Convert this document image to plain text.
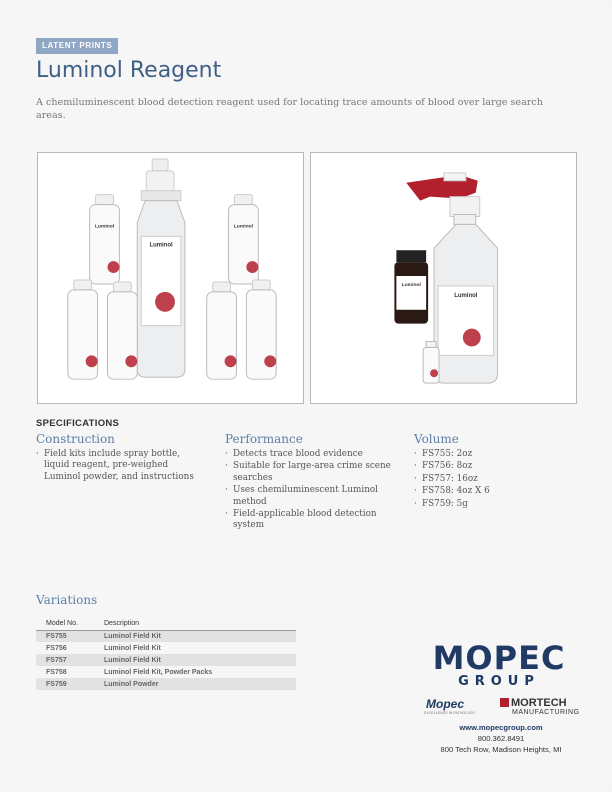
LATENT PRINTS
Luminol Reagent

A chemiluminescent blood detection reagent used for locating trace amounts of blood over large search areas.

Luminol
Luminol	Luminol
Luminol
Luminol
SPECIFICATIONS
Construction
· Field kits include spray bottle, liquid reagent, pre-weighed Luminol powder, and instructions
Performance
· Detects trace blood evidence
· Suitable for large-area crime scene searches
· Uses chemiluminescent Luminol method
· Field-applicable blood detection system
Volume
· FS755: 2oz
· FS756: 8oz
· FS757: 16oz
· FS758: 4oz X 6
· FS759: 5g
Variations
Model No.	Description
FS755	Luminol Field Kit
FS756	Luminol Field Kit
FS757	Luminol Field Kit
FS758	Luminol Field Kit, Powder Packs
FS759	Luminol Powder
MOPEC
GROUP
Mopec
EXCELLENCE IN PATHOLOGY
MORTECH
MANUFACTURING
www.mopecgroup.com
800.362.8491
800 Tech Row, Madison Heights, MI
